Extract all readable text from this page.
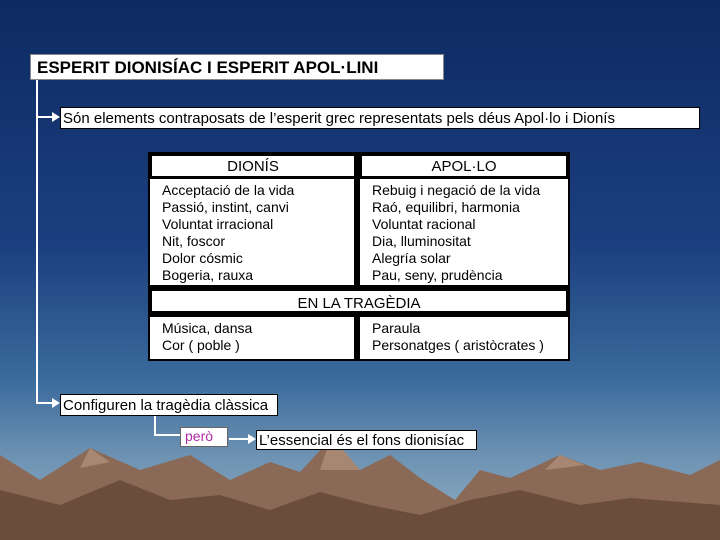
ESPERIT DIONISÍAC I ESPERIT APOL·LINI
Són elements contraposats de l’esperit grec representats pels déus Apol·lo i Dionís
DIONÍS	APOL·LO
Acceptació de la vida
Passió, instint, canvi
Voluntat irracional
Nit, foscor
Dolor cósmic
Bogeria, rauxa
Rebuig i negació de la vida
Raó, equilibri, harmonia
Voluntat racional
Dia, lluminositat
Alegría solar
Pau, seny, prudència
EN LA TRAGÈDIA
Música, dansa
Cor ( poble )
Paraula
Personatges ( aristòcrates )
Configuren la tragèdia clàssica
però	L’essencial és el fons dionisíac
